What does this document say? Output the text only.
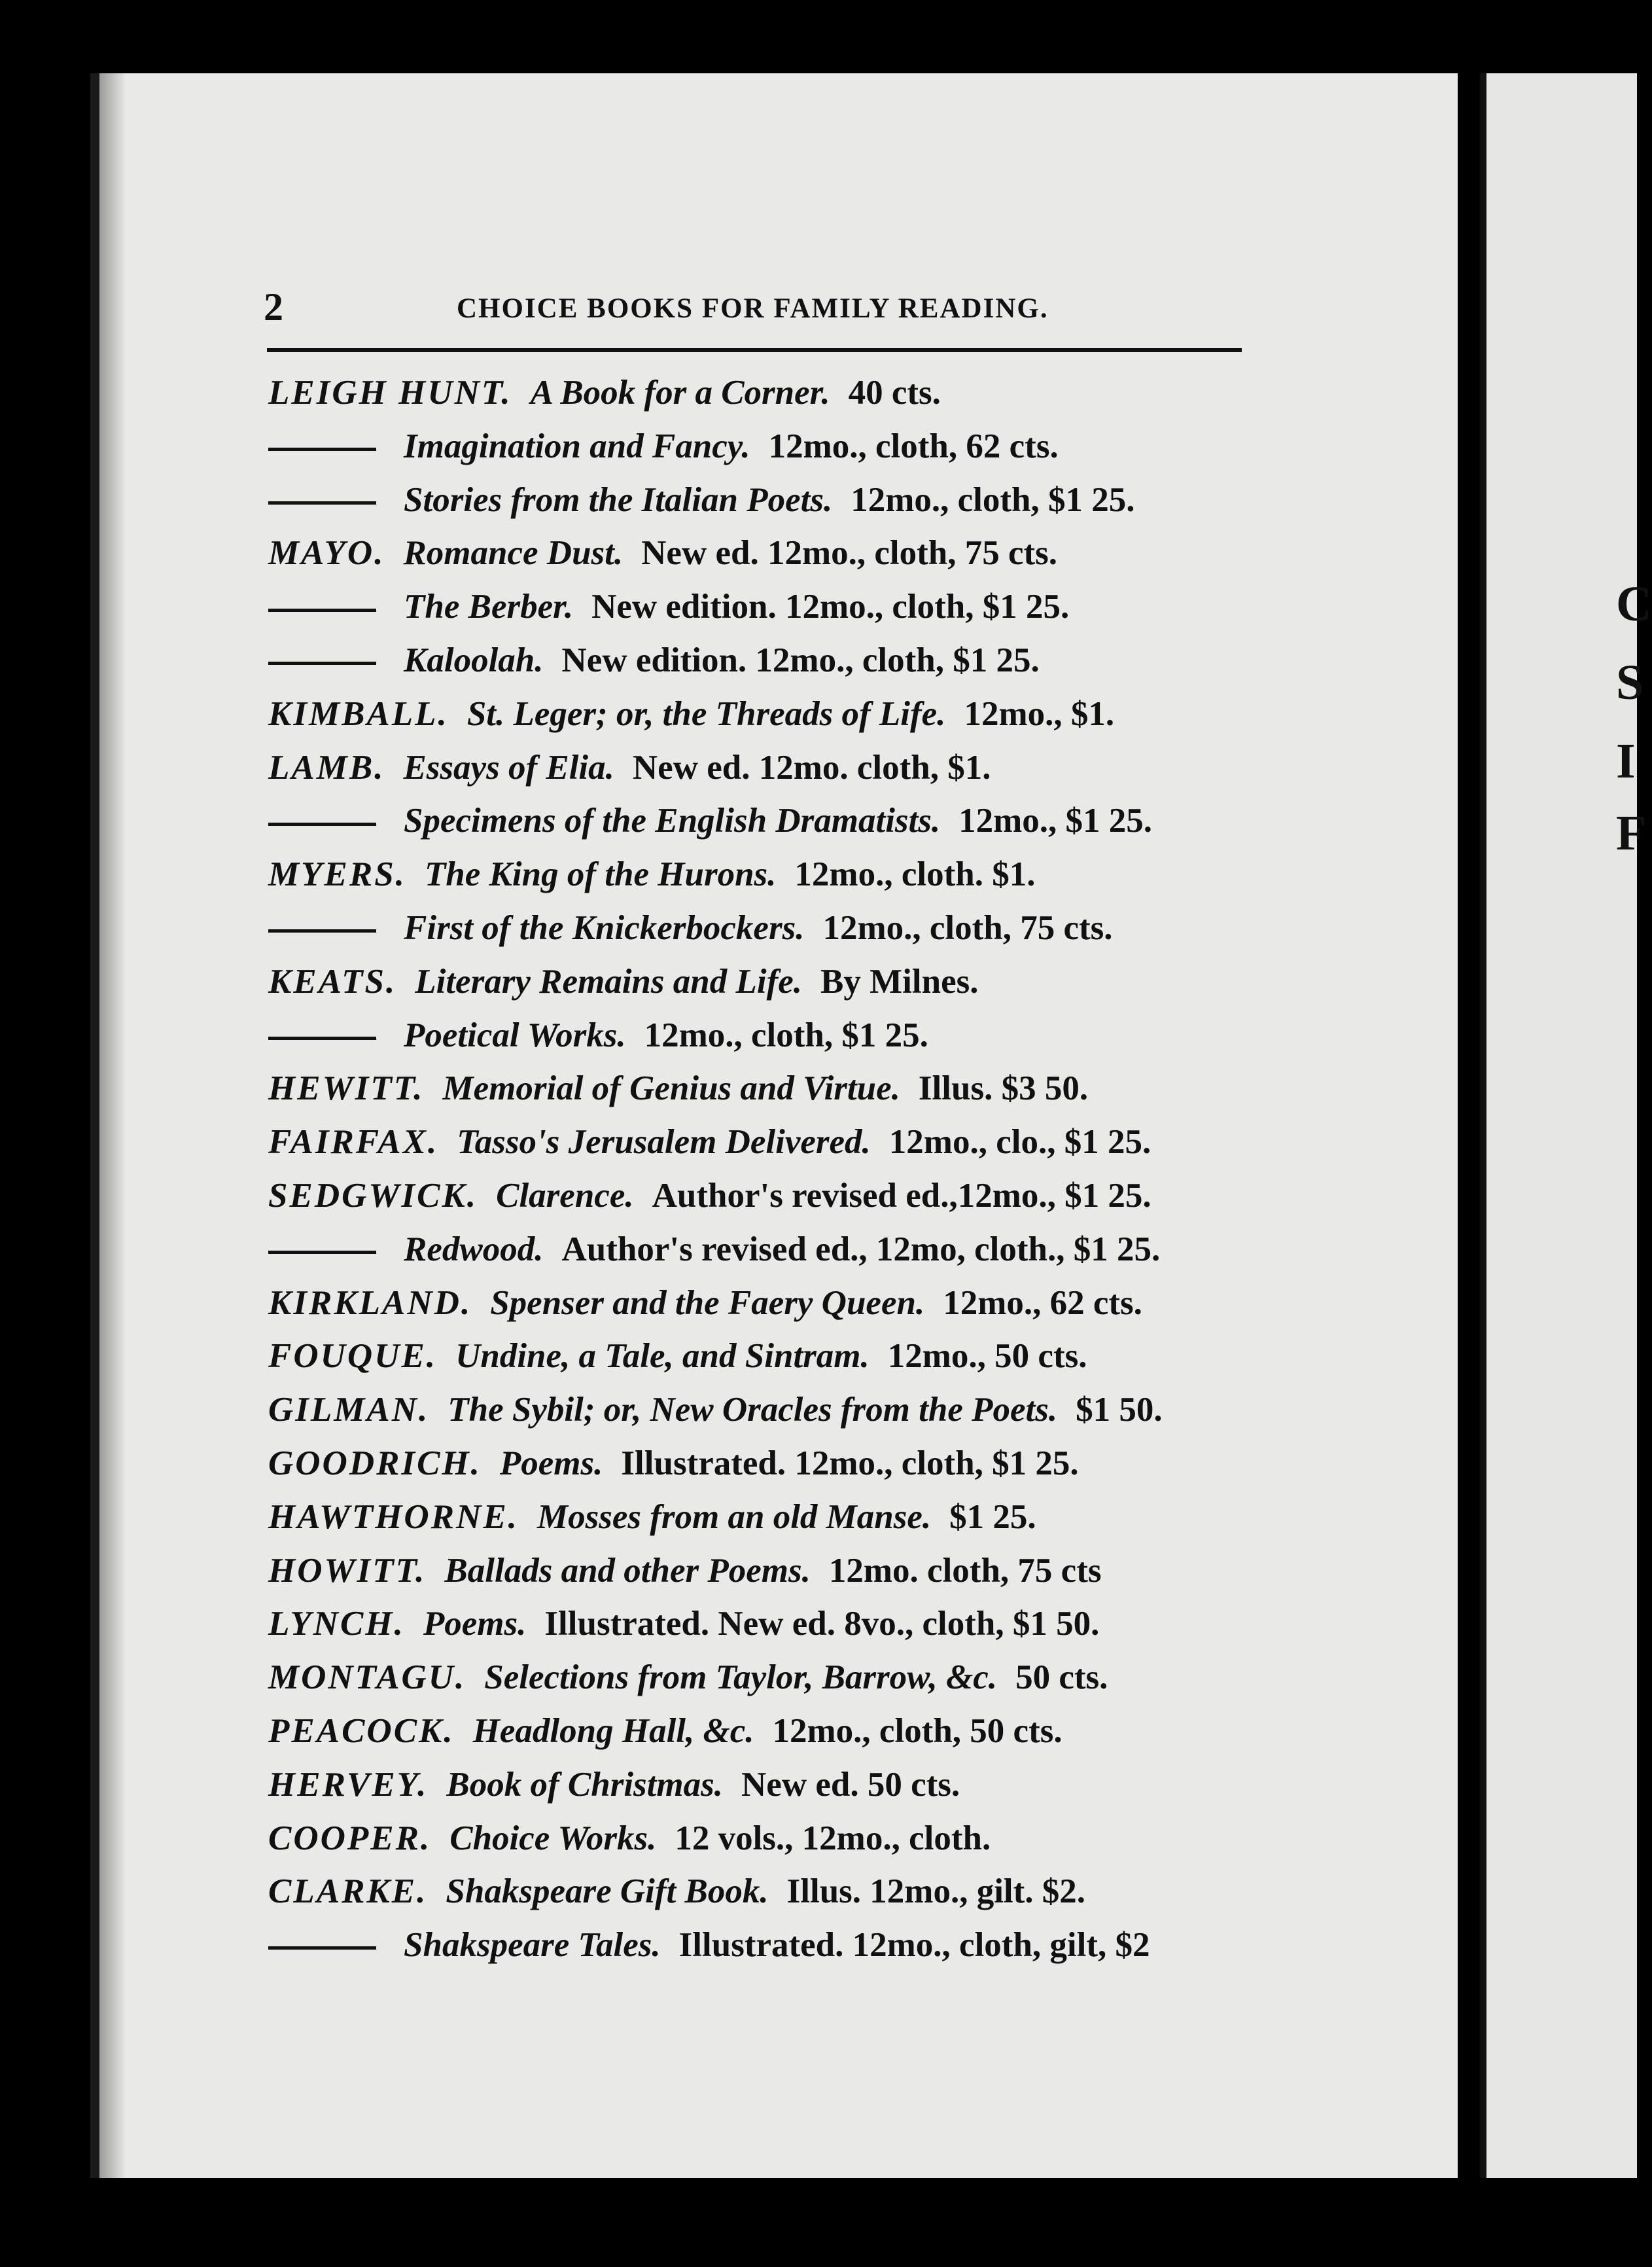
C
S
I
F
2	CHOICE BOOKS FOR FAMILY READING.
LEIGH HUNT. A Book for a Corner. 40 cts.
Imagination and Fancy. 12mo., cloth, 62 cts.
Stories from the Italian Poets. 12mo., cloth, $1 25.
MAYO. Romance Dust. New ed. 12mo., cloth, 75 cts.
The Berber. New edition. 12mo., cloth, $1 25.
Kaloolah. New edition. 12mo., cloth, $1 25.
KIMBALL. St. Leger; or, the Threads of Life. 12mo., $1.
LAMB. Essays of Elia. New ed. 12mo. cloth, $1.
Specimens of the English Dramatists. 12mo., $1 25.
MYERS. The King of the Hurons. 12mo., cloth. $1.
First of the Knickerbockers. 12mo., cloth, 75 cts.
KEATS. Literary Remains and Life. By Milnes.
Poetical Works. 12mo., cloth, $1 25.
HEWITT. Memorial of Genius and Virtue. Illus. $3 50.
FAIRFAX. Tasso's Jerusalem Delivered. 12mo., clo., $1 25.
SEDGWICK. Clarence. Author's revised ed.,12mo., $1 25.
Redwood. Author's revised ed., 12mo, cloth., $1 25.
KIRKLAND. Spenser and the Faery Queen. 12mo., 62 cts.
FOUQUE. Undine, a Tale, and Sintram. 12mo., 50 cts.
GILMAN. The Sybil; or, New Oracles from the Poets. $1 50.
GOODRICH. Poems. Illustrated. 12mo., cloth, $1 25.
HAWTHORNE. Mosses from an old Manse. $1 25.
HOWITT. Ballads and other Poems. 12mo. cloth, 75 cts
LYNCH. Poems. Illustrated. New ed. 8vo., cloth, $1 50.
MONTAGU. Selections from Taylor, Barrow, &c. 50 cts.
PEACOCK. Headlong Hall, &c. 12mo., cloth, 50 cts.
HERVEY. Book of Christmas. New ed. 50 cts.
COOPER. Choice Works. 12 vols., 12mo., cloth.
CLARKE. Shakspeare Gift Book. Illus. 12mo., gilt. $2.
Shakspeare Tales. Illustrated. 12mo., cloth, gilt, $2
